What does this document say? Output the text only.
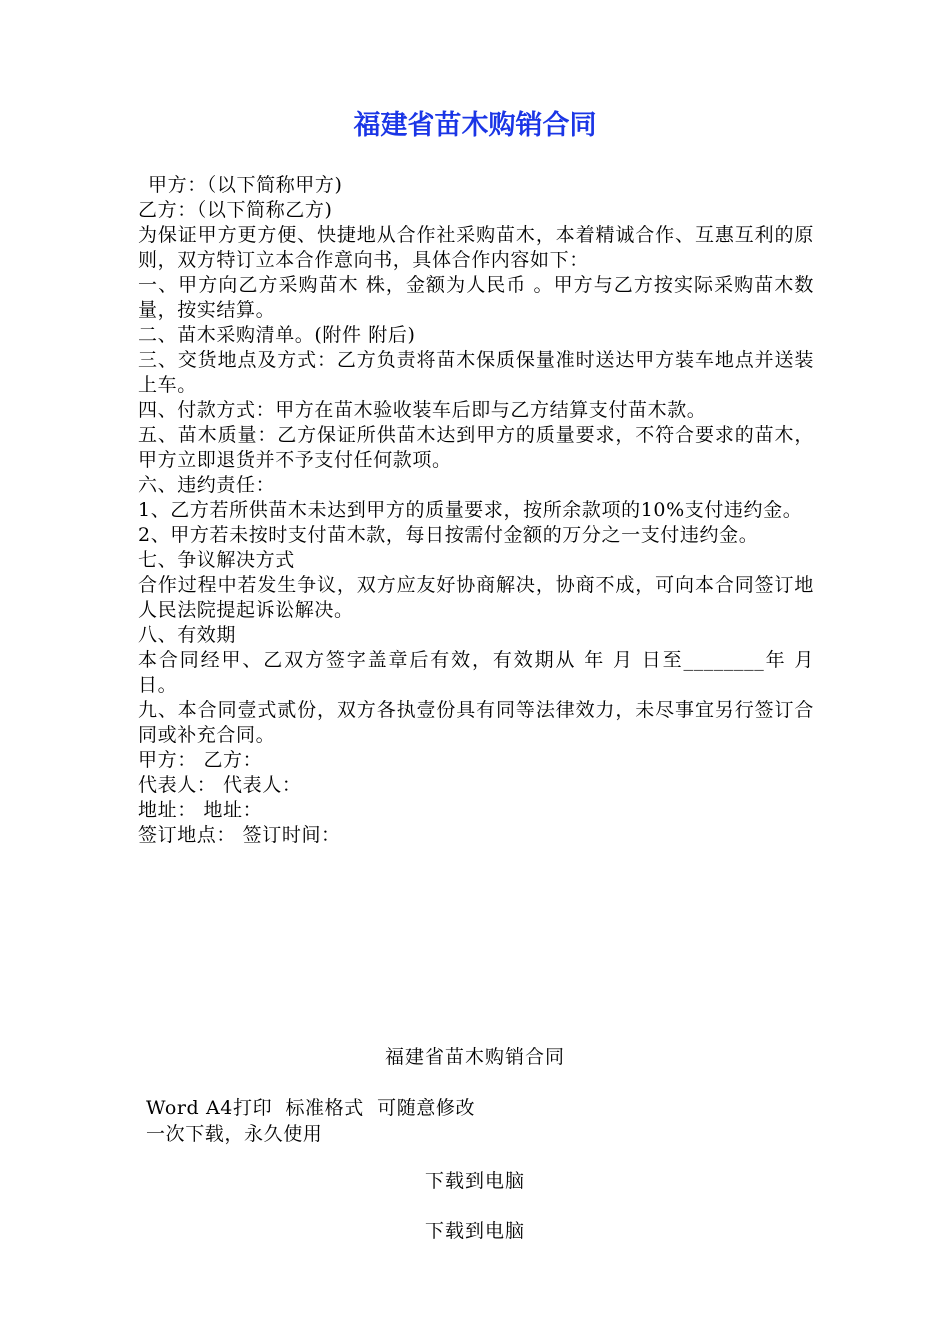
福建省苗木购销合同

甲方：（以下简称甲方)

乙方：（以下简称乙方)

为保证甲方更方便、快捷地从合作社采购苗木，本着精诚合作、互惠互利的原则，双方特订立本合作意向书，具体合作内容如下：

一、甲方向乙方采购苗木 株，金额为人民币 。甲方与乙方按实际采购苗木数量，按实结算。

二、苗木采购清单。(附件 附后)

三、交货地点及方式：乙方负责将苗木保质保量准时送达甲方装车地点并送装上车。

四、付款方式：甲方在苗木验收装车后即与乙方结算支付苗木款。

五、苗木质量：乙方保证所供苗木达到甲方的质量要求，不符合要求的苗木，甲方立即退货并不予支付任何款项。

六、违约责任：

1、乙方若所供苗木未达到甲方的质量要求，按所余款项的10%支付违约金。

2、甲方若未按时支付苗木款，每日按需付金额的万分之一支付违约金。

七、争议解决方式

合作过程中若发生争议，双方应友好协商解决，协商不成，可向本合同签订地人民法院提起诉讼解决。

八、有效期

本合同经甲、乙双方签字盖章后有效，有效期从 年 月 日至________年 月 日。

九、本合同壹式贰份，双方各执壹份具有同等法律效力，未尽事宜另行签订合同或补充合同。

甲方： 乙方：

代表人： 代表人：

地址： 地址：

签订地点： 签订时间：

福建省苗木购销合同

Word A4打印  标准格式  可随意修改

一次下载，永久使用

下载到电脑
下载到电脑
